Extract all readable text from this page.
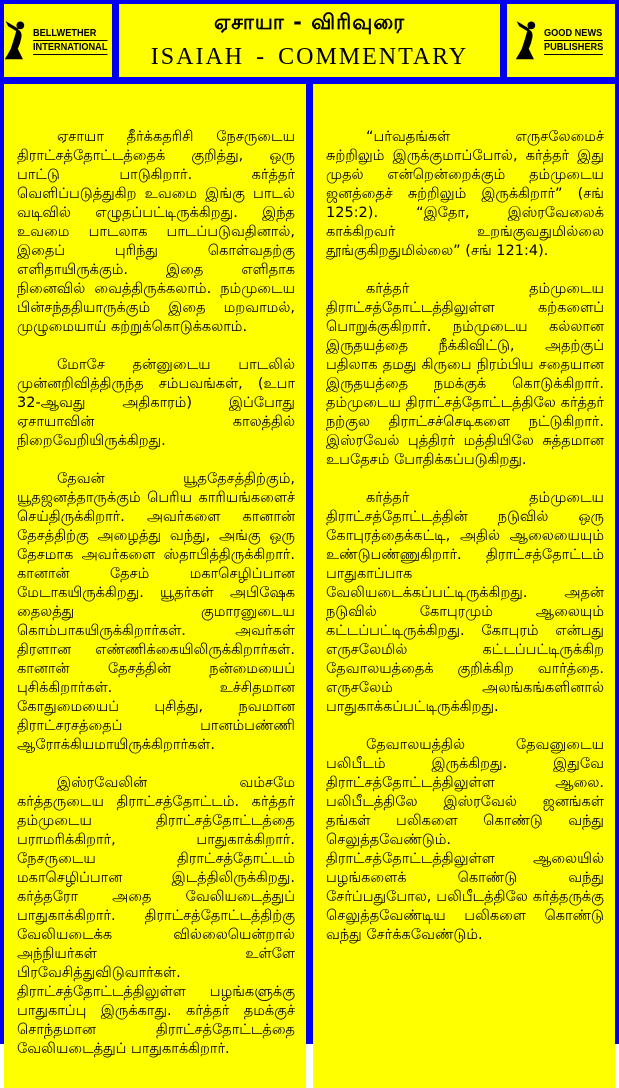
BELLWETHER
INTERNATIONAL
ஏசாயா - விரிவுரை
ISAIAH - COMMENTARY
GOOD NEWS
PUBLISHERS

ஏசாயா தீர்க்கதரிசி நேசருடைய திராட்சத்தோட்டத்தைக் குறித்து, ஒரு பாட்டு பாடுகிறார். கர்த்தர் வெளிப்படுத்துகிற உவமை இங்கு பாடல் வடிவில் எழுதப்பட்டிருக்கிறது. இந்த உவமை பாடலாக பாடப்படுவதினால், இதைப் புரிந்து கொள்வதற்கு எளிதாயிருக்கும். இதை எளிதாக நினைவில் வைத்திருக்கலாம். நம்முடைய பின்சந்ததியாருக்கும் இதை மறவாமல், முழுமையாய் கற்றுக்கொடுக்கலாம்.

மோசே தன்னுடைய பாடலில் முன்னறிவித்திருந்த சம்பவங்கள், (உபா 32-ஆவது அதிகாரம்) இப்போது ஏசாயாவின் காலத்தில் நிறைவேறியிருக்கிறது.

தேவன் யூததேசத்திற்கும், யூதஜனத்தாருக்கும் பெரிய காரியங்களைச் செய்திருக்கிறார். அவர்களை கானான் தேசத்திற்கு அழைத்து வந்து, அங்கு ஒரு தேசமாக அவர்களை ஸ்தாபித்திருக்கிறார். கானான் தேசம் மகாசெழிப்பான மேடாகயிருக்கிறது. யூதர்கள் அபிஷேக தைலத்து குமாரனுடைய கொம்பாகயிருக்கிறார்கள். அவர்கள் திரளான எண்ணிக்கையிலிருக்கிறார்கள். கானான் தேசத்தின் நன்மையைப் புசிக்கிறார்கள். உச்சிதமான கோதுமையைப் புசித்து, நவமான திராட்சரசத்தைப் பானம்பண்ணி ஆரோக்கியமாயிருக்கிறார்கள்.

இஸ்ரவேலின் வம்சமே கர்த்தருடைய திராட்சத்தோட்டம். கர்த்தர் தம்முடைய திராட்சத்தோட்டத்தை பராமரிக்கிறார், பாதுகாக்கிறார். நேசருடைய திராட்சத்தோட்டம் மகாசெழிப்பான இடத்திலிருக்கிறது. கர்த்தரோ அதை வேலியடைத்துப் பாதுகாக்கிறார். திராட்சத்தோட்டத்திற்கு வேலியடைக்க வில்லையென்றால் அந்நியர்கள் உள்ளே பிரவேசித்துவிடுவார்கள். திராட்சத்தோட்டத்திலுள்ள பழங்களுக்கு பாதுகாப்பு இருக்காது. கர்த்தர் தமக்குச் சொந்தமான திராட்சத்தோட்டத்தை வேலியடைத்துப் பாதுகாக்கிறார்.

“பர்வதங்கள் எருசலேமைச் சுற்றிலும் இருக்குமாப்போல், கர்த்தர் இது முதல் என்றென்றைக்கும் தம்முடைய ஜனத்தைச் சுற்றிலும் இருக்கிறார்” (சங் 125:2). “இதோ, இஸ்ரவேலைக் காக்கிறவர் உறங்குவதுமில்லை தூங்குகிறதுமில்லை” (சங் 121:4).

கர்த்தர் தம்முடைய திராட்சத்தோட்டத்திலுள்ள கற்களைப் பொறுக்குகிறார். நம்முடைய கல்லான இருதயத்தை நீக்கிவிட்டு, அதற்குப் பதிலாக தமது கிருபை நிரம்பிய சதையான இருதயத்தை நமக்குக் கொடுக்கிறார். தம்முடைய திராட்சத்தோட்டத்திலே கர்த்தர் நற்குல திராட்சச்செடிகளை நட்டுகிறார். இஸ்ரவேல் புத்திரர் மத்தியிலே சுத்தமான உபதேசம் போதிக்கப்படுகிறது.

கர்த்தர் தம்முடைய திராட்சத்தோட்டத்தின் நடுவில் ஒரு கோபுரத்தைக்கட்டி, அதில் ஆலையையும் உண்டுபண்ணுகிறார். திராட்சத்தோட்டம் பாதுகாப்பாக வேலியடைக்கப்பட்டிருக்கிறது. அதன் நடுவில் கோபுரமும் ஆலையும் கட்டப்பட்டிருக்கிறது. கோபுரம் என்பது எருசலேமில் கட்டப்பட்டிருக்கிற தேவாலயத்தைக் குறிக்கிற வார்த்தை. எருசலேம் அலங்கங்களினால் பாதுகாக்கப்பட்டிருக்கிறது.

தேவாலயத்தில் தேவனுடைய பலிபீடம் இருக்கிறது. இதுவே திராட்சத்தோட்டத்திலுள்ள ஆலை. பலிபீடத்திலே இஸ்ரவேல் ஜனங்கள் தங்கள் பலிகளை கொண்டு வந்து செலுத்தவேண்டும். திராட்சத்தோட்டத்திலுள்ள ஆலையில் பழங்களைக் கொண்டு வந்து சேர்ப்பதுபோல, பலிபீடத்திலே கர்த்தருக்கு செலுத்தவேண்டிய பலிகளை கொண்டு வந்து சேர்க்கவேண்டும்.
